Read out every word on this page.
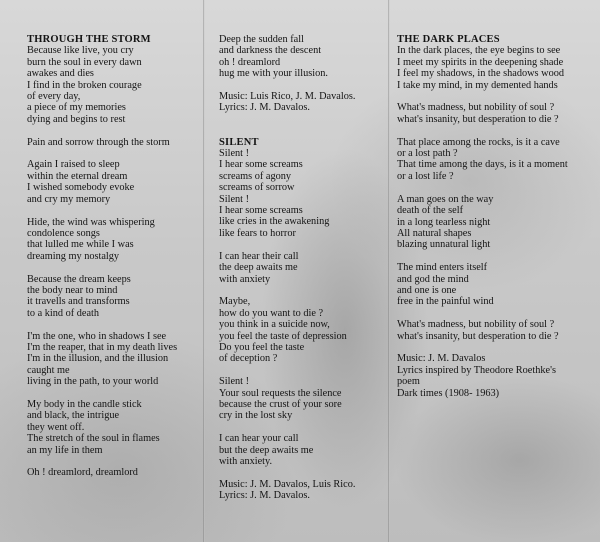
THROUGH THE STORM

Because like live, you cry

burn the soul in every dawn

awakes and dies

I find in the broken courage

of every day,

a piece of my memories

dying and begins to rest

Pain and sorrow through the storm

Again I raised to sleep

within the eternal dream

I wished somebody evoke

and cry my memory

Hide, the wind was whispering

condolence songs

that lulled me while I was

dreaming my nostalgy

Because the dream keeps

the body near to mind

it travells and transforms

to a kind of death

I'm the one, who in shadows I see

I'm the reaper, that in my death lives

I'm in the illusion, and the illusion

caught me

living in the path, to your world

My body in the candle stick

and black, the intrigue

they went off.

The stretch of the soul in flames

an my life in them

Oh ! dreamlord, dreamlord

Deep the sudden fall

and darkness the descent

oh ! dreamlord

hug me with your illusion.

Music: Luis Rico, J. M. Davalos.

Lyrics: J. M. Davalos.

SILENT

Silent !

I hear some screams

screams of agony

screams of sorrow

Silent !

I hear some screams

like cries in the awakening

like fears to horror

I can hear their call

the deep awaits me

with anxiety

Maybe,

how do you want to die ?

you think in a suicide now,

you feel the taste of depression

Do you feel the taste

of deception ?

Silent !

Your soul requests the silence

because the crust of your sore

cry in the lost sky

I can hear your call

but the deep awaits me

with anxiety.

Music: J. M. Davalos, Luis Rico.

Lyrics: J. M. Davalos.

THE DARK PLACES

In the dark places, the eye begins to see

I meet my spirits in the deepening shade

I feel my shadows, in the shadows wood

I take my mind, in my demented hands

What's madness, but nobility of soul ?

what's insanity, but desperation to die ?

That place among the rocks, is it a cave

or a lost path ?

That time among the days, is it a moment

or a lost life ?

A man goes on the way

death of the self

in a long tearless night

All natural shapes

blazing unnatural light

The mind enters itself

and god the mind

and one is one

free in the painful wind

What's madness, but nobility of soul ?

what's insanity, but desperation to die ?

Music: J. M. Davalos

Lyrics inspired by Theodore Roethke's

poem

Dark times (1908- 1963)
